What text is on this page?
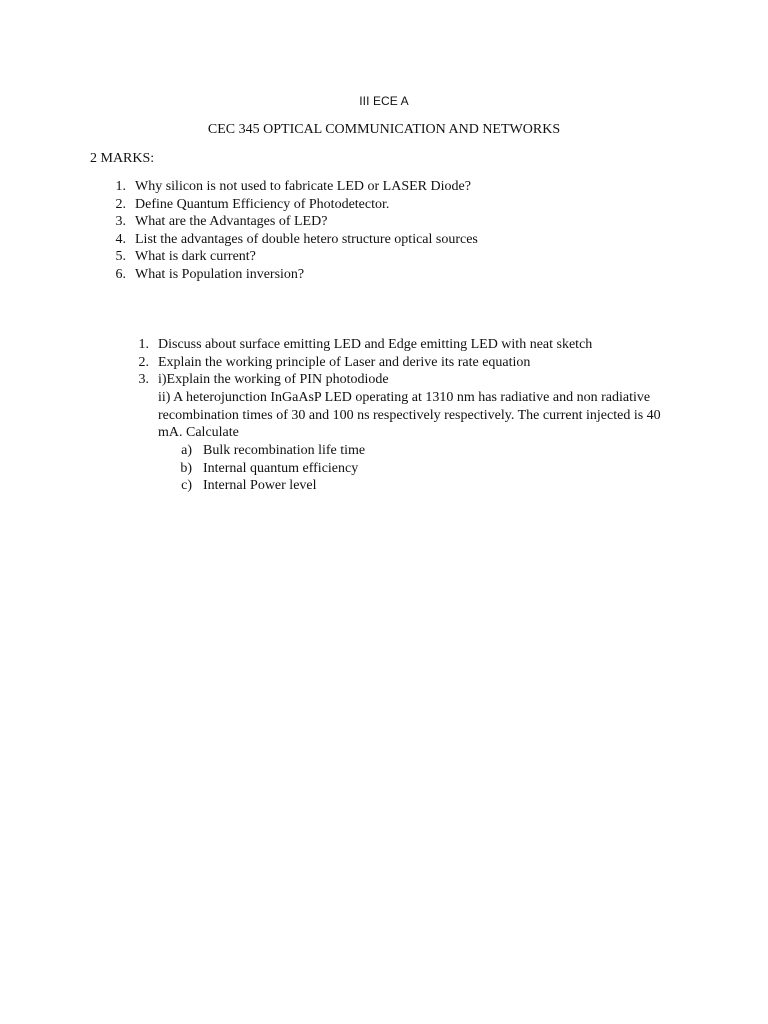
III ECE A
CEC 345 OPTICAL COMMUNICATION AND NETWORKS
2 MARKS:
1. Why silicon is not used to fabricate LED or LASER Diode?
2. Define Quantum Efficiency of Photodetector.
3. What are the Advantages of LED?
4. List the advantages of double hetero structure optical sources
5. What is dark current?
6. What is Population inversion?
1. Discuss about surface emitting LED and Edge emitting LED with neat sketch
2. Explain the working principle of Laser and derive its rate equation
3. i)Explain the working of PIN photodiode
ii) A heterojunction InGaAsP LED operating at 1310 nm has radiative and non radiative
recombination times of 30 and 100 ns respectively respectively. The current injected is 40
mA. Calculate
a) Bulk recombination life time
b) Internal quantum efficiency
c) Internal Power level
